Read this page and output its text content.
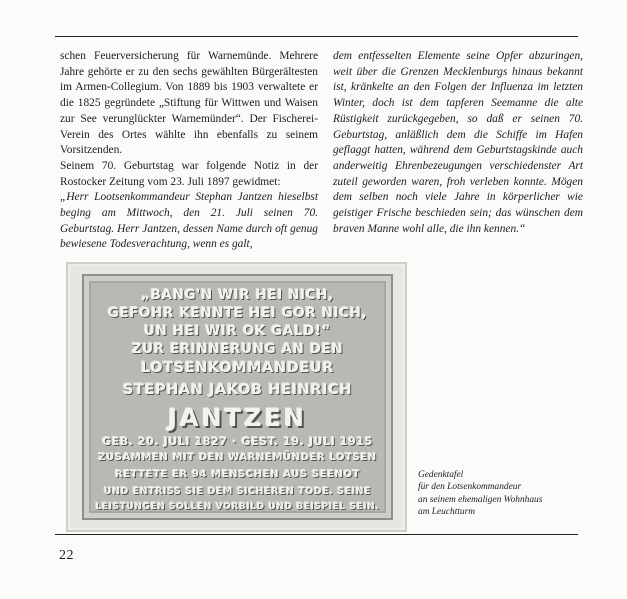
schen Feuerversicherung für Warnemünde. Mehrere Jahre gehörte er zu den sechs gewählten Bürgerältesten im Armen-Collegium. Von 1889 bis 1903 verwaltete er die 1825 gegründete „Stiftung für Wittwen und Waisen zur See verunglückter Warnemünder“. Der Fischerei-Verein des Ortes wählte ihn ebenfalls zu seinem Vorsitzenden.

Seinem 70. Geburtstag war folgende Notiz in der Rostocker Zeitung vom 23. Juli 1897 gewidmet:

„Herr Lootsenkommandeur Stephan Jantzen hieselbst beging am Mittwoch, den 21. Juli seinen 70. Geburtstag. Herr Jantzen, dessen Name durch oft genug bewiesene Todesverachtung, wenn es galt,

dem entfesselten Elemente seine Opfer abzuringen, weit über die Grenzen Mecklenburgs hinaus bekannt ist, kränkelte an den Folgen der Influenza im letzten Winter, doch ist dem tapferen Seemanne die alte Rüstigkeit zurückgegeben, so daß er seinen 70. Geburtstag, anläßlich dem die Schiffe im Hafen geflaggt hatten, während dem Geburtstagskinde auch anderweitig Ehrenbezeugungen verschiedenster Art zuteil geworden waren, froh verleben konnte. Mögen dem selben noch viele Jahre in körperlicher wie geistiger Frische beschieden sein; das wünschen dem braven Manne wohl alle, die ihn kennen.“

„BANG'N WIR HEI NICH,
GEFOHR KENNTE HEI GOR NICH,
UN HEI WIR OK GALD!“
ZUR ERINNERUNG AN DEN
LOTSENKOMMANDEUR
STEPHAN JAKOB HEINRICH
JANTZEN
GEB. 20. JULI 1827 · GEST. 19. JULI 1915
ZUSAMMEN MIT DEN WARNEMÜNDER LOTSEN
RETTETE ER 94 MENSCHEN AUS SEENOT
UND ENTRISS SIE DEM SICHEREN TODE. SEINE
LEISTUNGEN SOLLEN VORBILD UND BEISPIEL SEIN.
Gedenktafel
für den Lotsenkommandeur
an seinem ehemaligen Wohnhaus
am Leuchtturm
22
